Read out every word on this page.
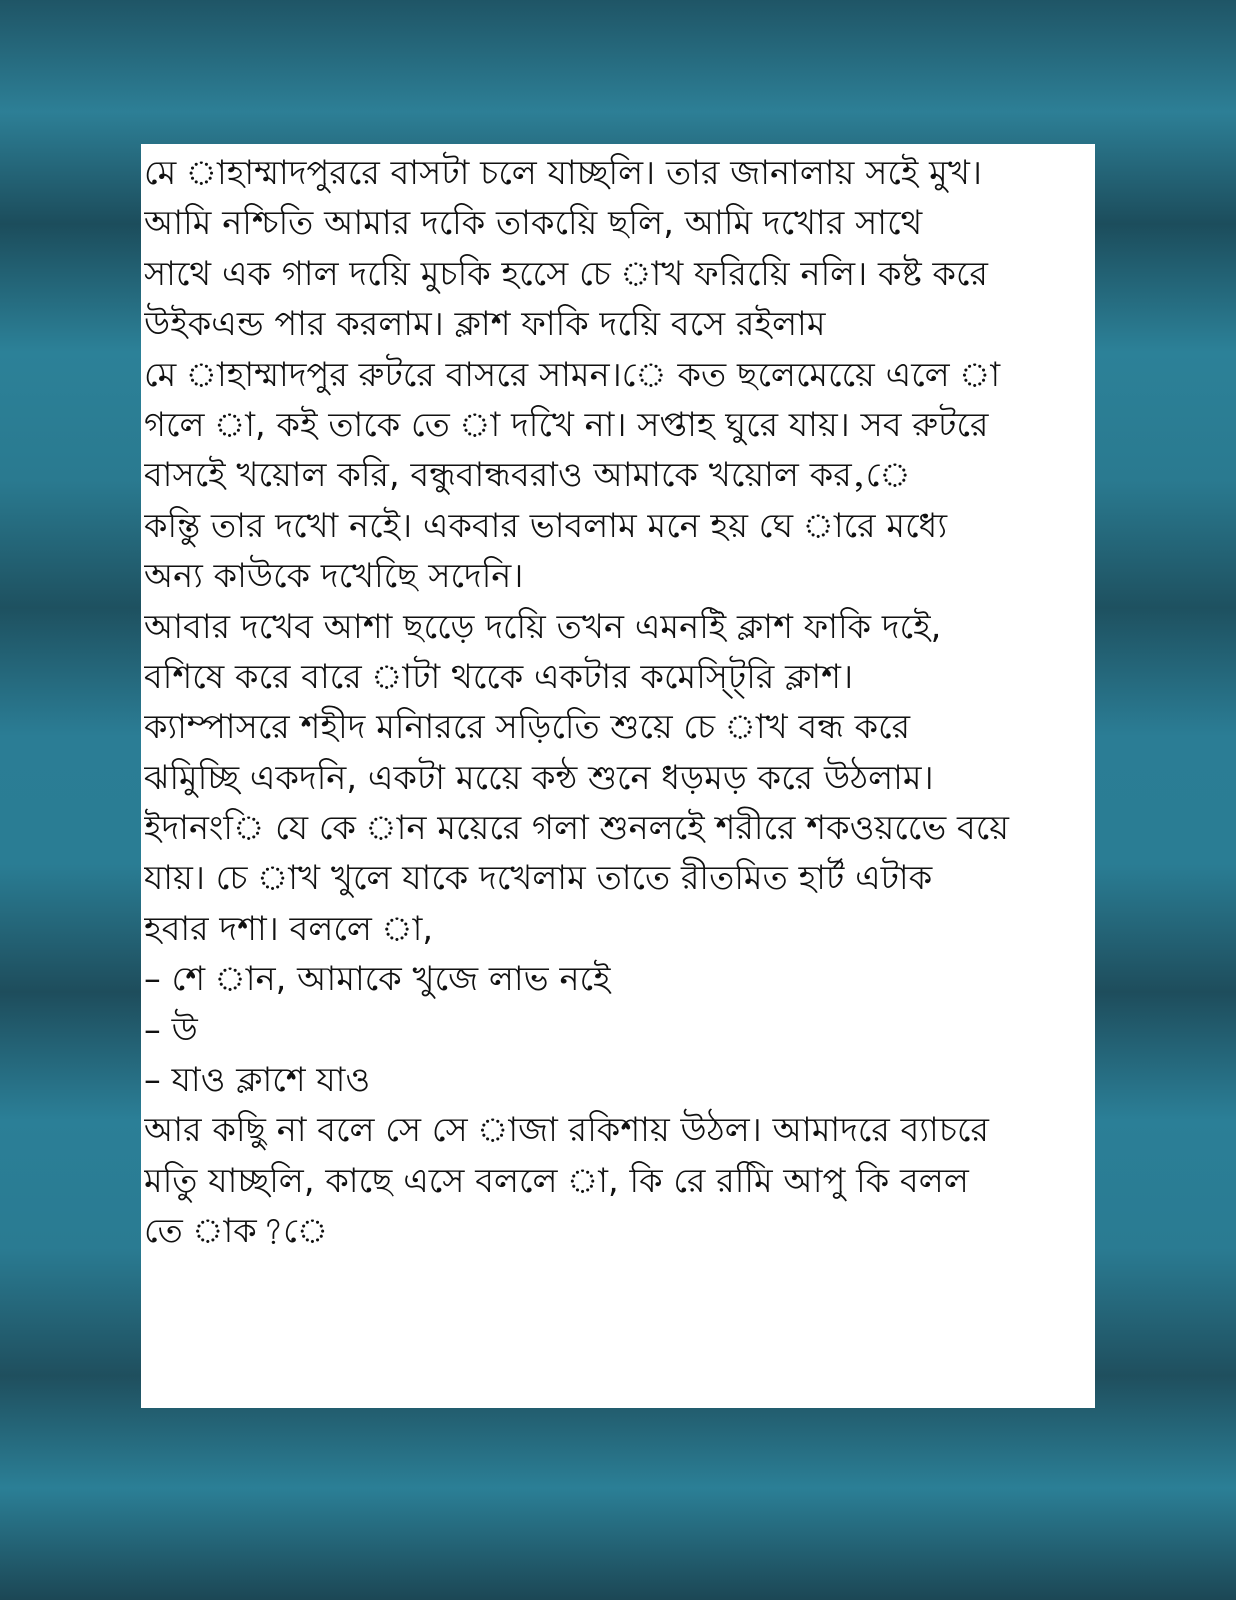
মে াহাম্মাদপুররে বাসটা চলে যাচ্ছলি। তার জানালায় সইে মুখ।
আমি নশ্চিতি আমার দকিে তাকয়িে ছলি, আমি দখোর সাথে
সাথে এক গাল দয়িে মুচকি হসেে চে াখ ফরিয়িে নলি। কষ্ট করে
উইকএন্ড পার করলাম। ক্লাশ ফাকি দয়িে বসে রইলাম
মে াহাম্মাদপুর রুটরে বাসরে সামন।ে কত ছলেমেয়েে এলে া
গলে া, কই তাকে তে া দখেি না। সপ্তাহ ঘুরে যায়। সব রুটরে
বাসইে খয়োল করি, বন্ধুবান্ধবরাও আমাকে খয়োল কর,ে
কন্তিু তার দখো নইে। একবার ভাবলাম মনে হয় ঘে ারে মধ্যে
অন্য কাউকে দখেছেি সদেনি।
আবার দখেব আশা ছড়েে দয়িে তখন এমনইি ক্লাশ ফাকি দইে,
বশিষে করে বারে াটা থকেে একটার কমেস্টি্রি ক্লাশ।
ক্যাম্পাসরে শহীদ মনিাররে সড়িতিে শুয়ে চে াখ বন্ধ করে
ঝমিুচ্ছি একদনি, একটা ময়েে কন্ঠ শুনে ধড়মড় করে উঠলাম।
ইদানংি যে কে ান ময়েরে গলা শুনলইে শরীরে শকওয়ভেে বয়ে
যায়। চে াখ খুলে যাকে দখেলাম তাতে রীতমিত হার্ট এটাক
হবার দশা। বললে া,
– শে ান, আমাকে খুজে লাভ নইে
– উ
– যাও ক্লাশে যাও
আর কছিু না বলে সে সে াজা রকিশায় উঠল। আমাদরে ব্যাচরে
মতিু যাচ্ছলি, কাছে এসে বললে া, কি রে রমিি আপু কি বলল
তে াক?ে
